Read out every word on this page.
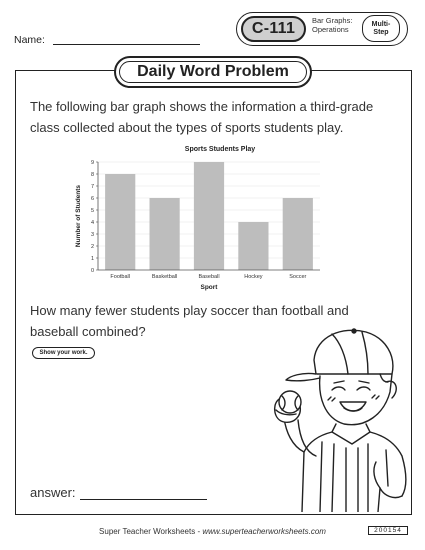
Name:
C-111 Bar Graphs:
Operations
Multi-
Step
Daily Word Problem
The following bar graph shows the information a third-grade class collected about the types of sports students play.
Sports Students Play
0
1
2
3
4
5
6
7
8
9
Football	Basketball	Baseball	Hockey	Soccer
Sport
Number of Students
How many fewer students play soccer than football and baseball combined?
Show your work.
answer:
Super Teacher Worksheets - www.superteacherworksheets.com	200154
